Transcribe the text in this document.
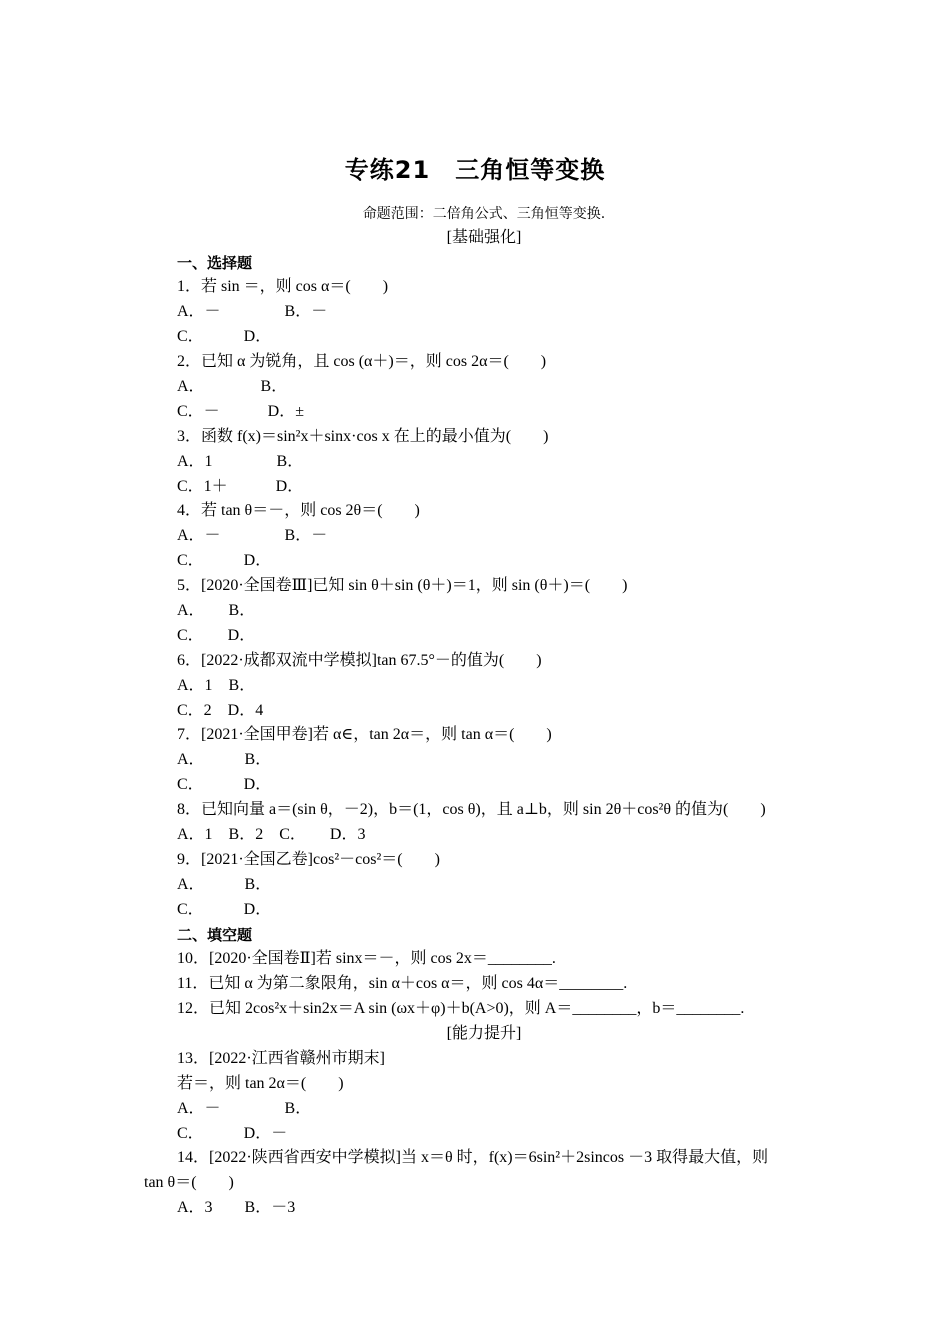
专练21　三角恒等变换
命题范围：二倍角公式、三角恒等变换.
[基础强化]
一、选择题
1．若 sin ＝，则 cos α＝(　　)
A．－　　　　B．－
C．　　　D．
2．已知 α 为锐角，且 cos (α＋)＝，则 cos 2α＝(　　)
A．　　　　B．
C．－　　　D．±
3．函数 f(x)＝sin²x＋sinx·cos x 在上的最小值为(　　)
A．1　　　　B．
C．1＋　　　D．
4．若 tan θ＝－，则 cos 2θ＝(　　)
A．－　　　　B．－
C．　　　D．
5．[2020·全国卷Ⅲ]已知 sin θ＋sin (θ＋)＝1，则 sin (θ＋)＝(　　)
A．　　B．
C．　　D．
6．[2022·成都双流中学模拟]tan 67.5°－的值为(　　)
A．1　B．
C．2　D．4
7．[2021·全国甲卷]若 α∈，tan 2α＝，则 tan α＝(　　)
A．　　　B．
C．　　　D．
8．已知向量 a＝(sin θ，－2)，b＝(1，cos θ)，且 a⊥b，则 sin 2θ＋cos²θ 的值为(　　)
A．1　B．2　C．　　D．3
9．[2021·全国乙卷]cos²－cos²＝(　　)
A．　　　B．
C．　　　D．
二、填空题
10．[2020·全国卷Ⅱ]若 sinx＝－，则 cos 2x＝________.
11．已知 α 为第二象限角，sin α＋cos α＝，则 cos 4α＝________.
12．已知 2cos²x＋sin2x＝A sin (ωx＋φ)＋b(A>0)，则 A＝________，b＝________.
[能力提升]
13．[2022·江西省赣州市期末]
若＝，则 tan 2α＝(　　)
A．－　　　　B．
C．　　　D．－
14．[2022·陕西省西安中学模拟]当 x＝θ 时，f(x)＝6sin²＋2sincos －3 取得最大值，则
tan θ＝(　　)
A．3　　B．－3
